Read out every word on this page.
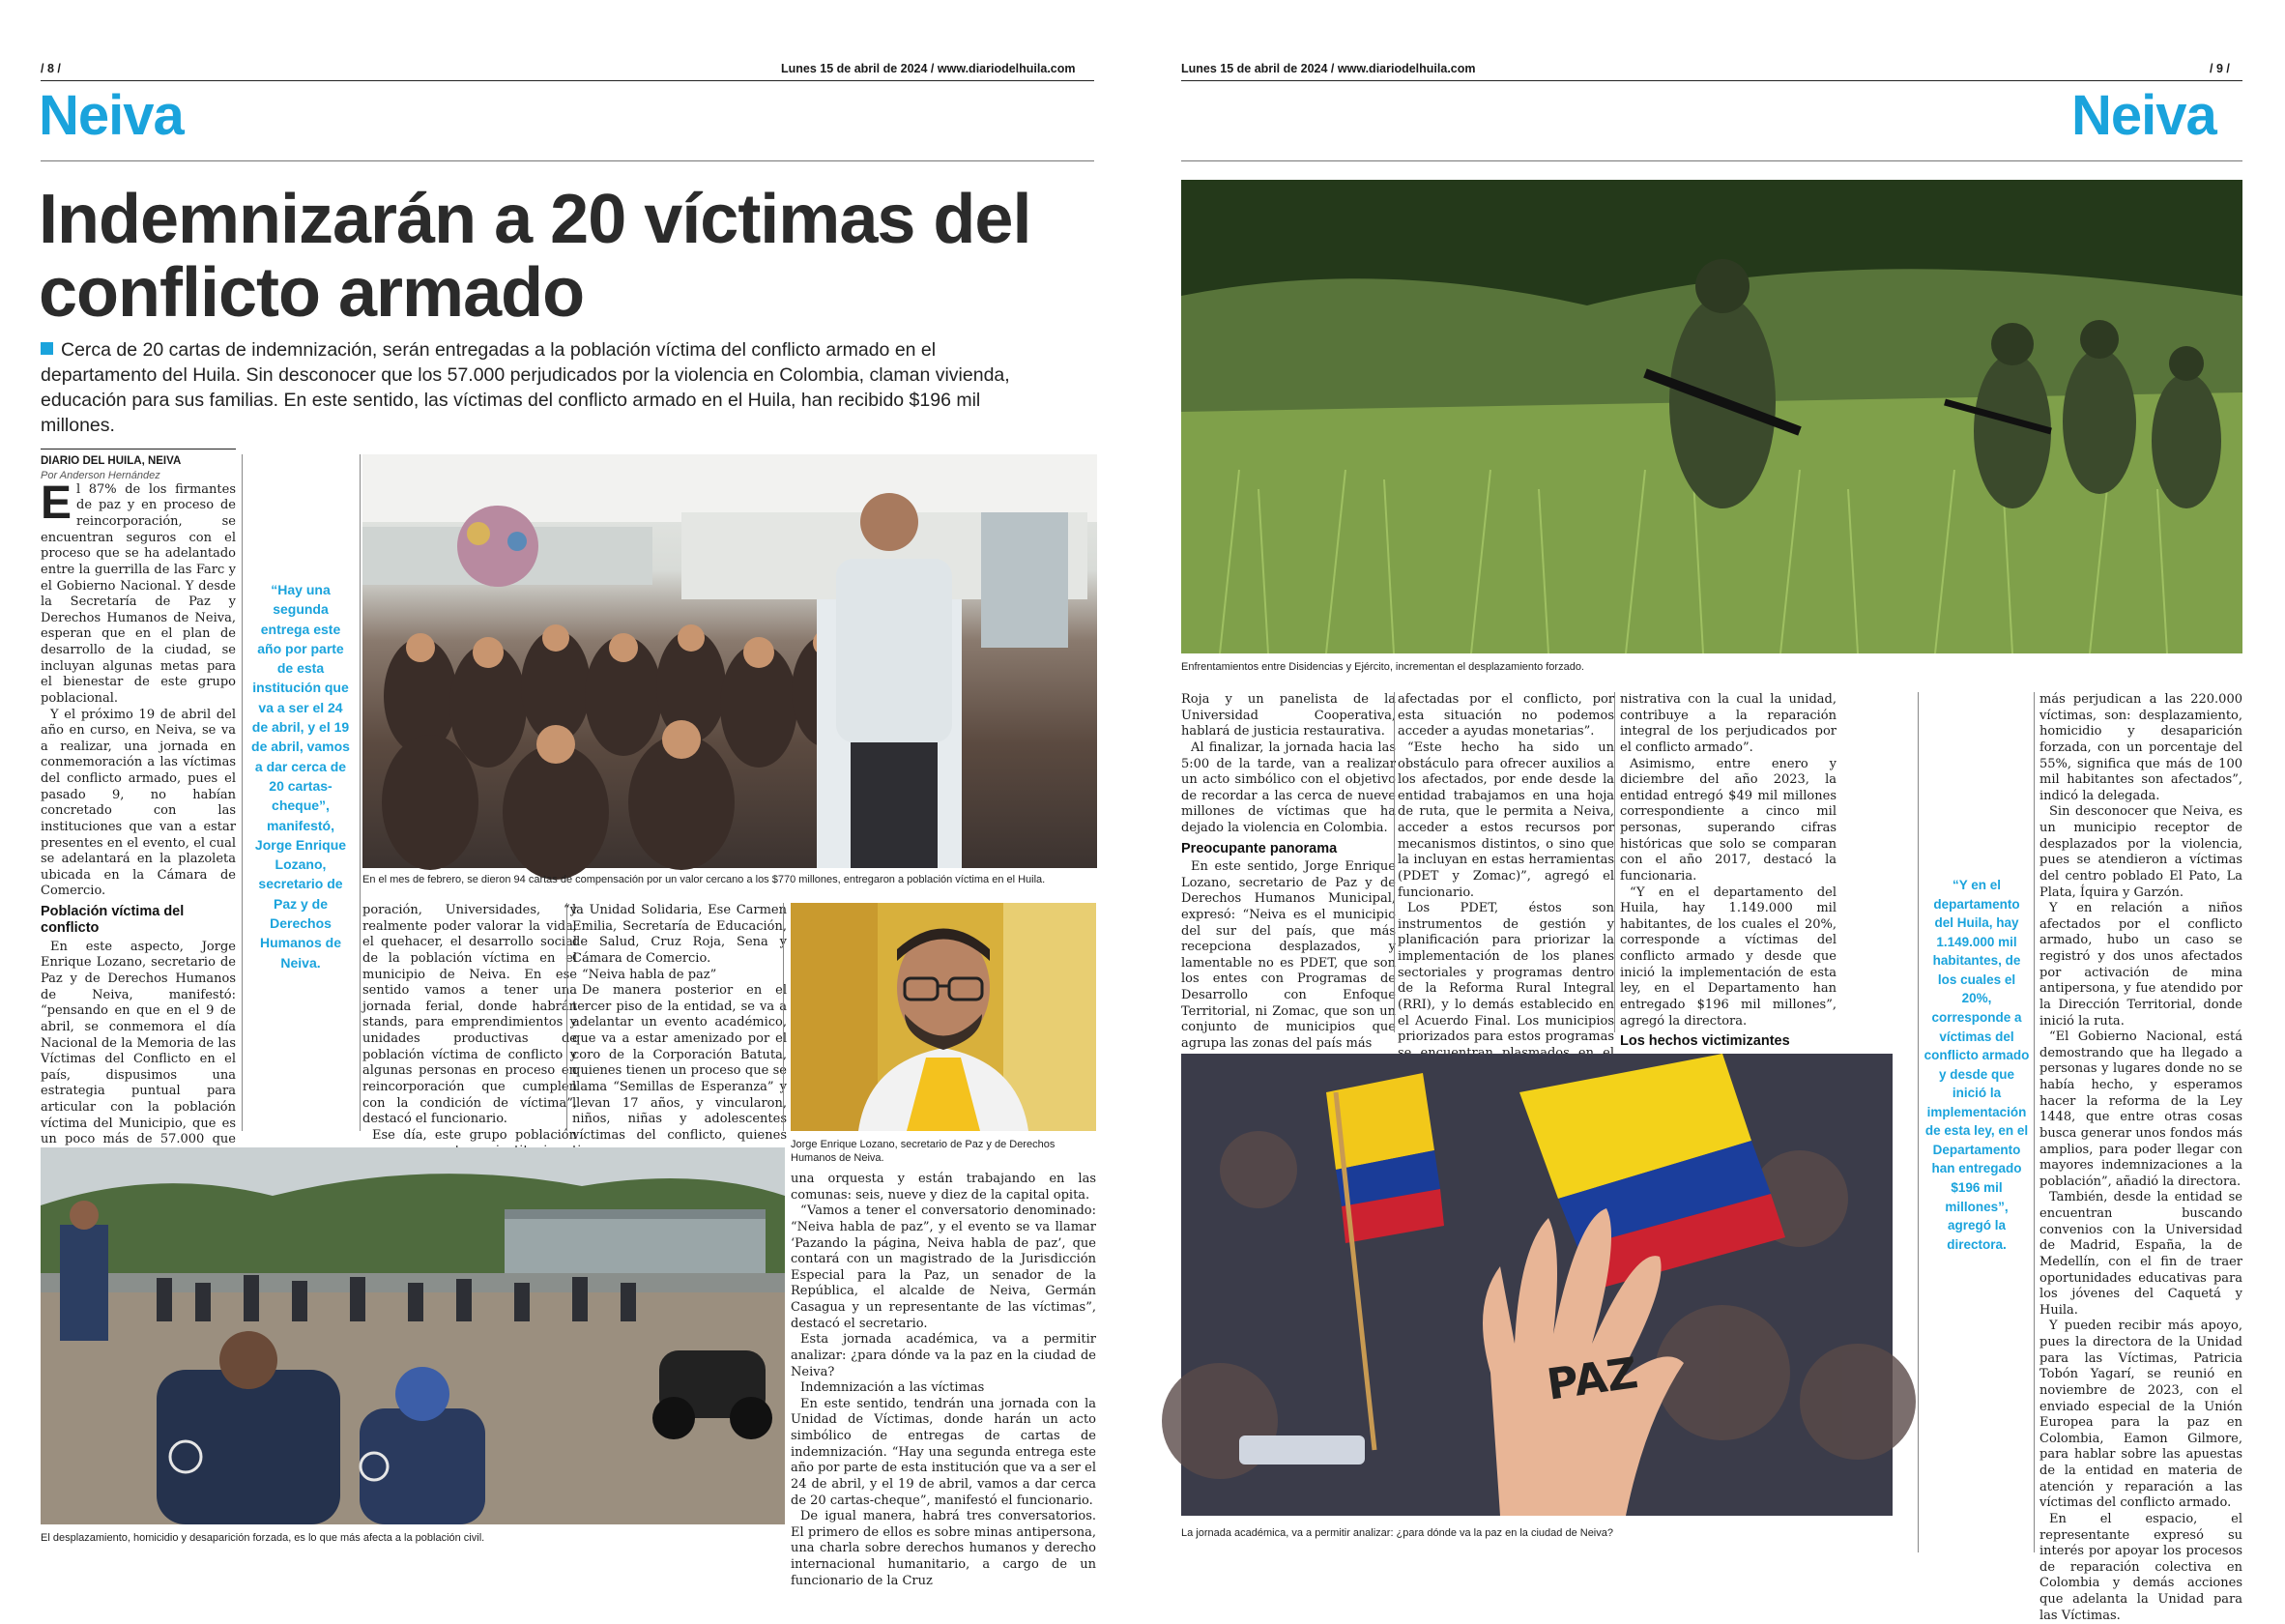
/ 8 /	Lunes 15 de abril de 2024 / www.diariodelhuila.com
Neiva
Indemnizarán a 20 víctimas del conflicto armado
Cerca de 20 cartas de indemnización, serán entregadas a la población víctima del conflicto armado en el departamento del Huila. Sin desconocer que los 57.000 perjudicados por la violencia en Colombia, claman vivienda, educación para sus familias. En este sentido, las víctimas del conflicto armado en el Huila, han recibido $196 mil millones.
DIARIO DEL HUILA, NEIVA
Por Anderson Hernández

El 87% de los firmantes de paz y en proceso de reincorporación, se encuentran seguros con el proceso que se ha adelantado entre la guerrilla de las Farc y el Gobierno Nacional. Y desde la Secretaría de Paz y Derechos Humanos de Neiva, esperan que en el plan de desarrollo de la ciudad, se incluyan algunas metas para el bienestar de este grupo poblacional.

Y el próximo 19 de abril del año en curso, en Neiva, se va a realizar, una jornada en conmemoración a las víctimas del conflicto armado, pues el pasado 9, no habían concretado con las instituciones que van a estar presentes en el evento, el cual se adelantará en la plazoleta ubicada en la Cámara de Comercio.

Población víctima del conflicto

En este aspecto, Jorge Enrique Lozano, secretario de Paz y de Derechos Humanos de Neiva, manifestó: “pensando en que en el 9 de abril, se conmemora el día Nacional de la Memoria de las Víctimas del Conflicto en el país, dispusimos una estrategia puntual para articular con la población víctima del Municipio, que es un poco más de 57.000 que

“Hay una segunda entrega este año por parte de esta institución que va a ser el 24 de abril, y el 19 de abril, vamos a dar cerca de 20 cartas-cheque”, manifestó, Jorge Enrique Lozano, secretario de Paz y de Derechos Humanos de Neiva.
En el mes de febrero, se dieron 94 cartas de compensación por un valor cercano a los $770 millones, entregaron a población víctima en el Huila.

poración, Universidades, “y realmente poder valorar la vida, el quehacer, el desarrollo social de la población víctima en el municipio de Neiva. En ese sentido vamos a tener una jornada ferial, donde habrán stands, para emprendimientos y unidades productivas de población víctima de conflicto y algunas personas en proceso en reincorporación que cumplen con la condición de víctima”, destacó el funcionario.

Ese día, este grupo población

la Unidad Solidaria, Ese Carmen Emilia, Secretaría de Educación, de Salud, Cruz Roja, Sena y Cámara de Comercio.

“Neiva habla de paz”

De manera posterior en el tercer piso de la entidad, se va a adelantar un evento académico, que va a estar amenizado por el coro de la Corporación Batuta, quienes tienen un proceso que se llama “Semillas de Esperanza” y llevan 17 años, y vincularon, niños, niñas y adolescentes víctimas del conflicto, quienes

Jorge Enrique Lozano, secretario de Paz y de Derechos Humanos de Neiva.
El desplazamiento, homicidio y desaparición forzada, es lo que más afecta a la población civil.

una orquesta y están trabajando en las comunas: seis, nueve y diez de la capital opita.

“Vamos a tener el conversatorio denominado: “Neiva habla de paz”, y el evento se va llamar ‘Pazando la página, Neiva habla de paz’, que contará con un magistrado de la Jurisdicción Especial para la Paz, un senador de la República, el alcalde de Neiva, Germán Casagua y un representante de las víctimas”, destacó el secretario.

Esta jornada académica, va a permitir analizar: ¿para dónde va la paz en la ciudad de Neiva?

Indemnización a las víctimas

En este sentido, tendrán una jornada con la Unidad de Víctimas, donde harán un acto simbólico de entregas de cartas de indemnización. “Hay una segunda entrega este año por parte de esta institución que va a ser el 24 de abril, y el 19 de abril, vamos a dar cerca de 20 cartas-cheque”, manifestó el funcionario.

De igual manera, habrá tres conversatorios. El primero de ellos es sobre minas antipersona, una charla sobre derechos humanos y derecho internacional humanitario, a cargo de un funcionario de la Cruz

Lunes 15 de abril de 2024 / www.diariodelhuila.com	/ 9 /
Neiva
Enfrentamientos entre Disidencias y Ejército, incrementan el desplazamiento forzado.

Roja y un panelista de la Universidad Cooperativa, hablará de justicia restaurativa.

Al finalizar, la jornada hacia las 5:00 de la tarde, van a realizar un acto simbólico con el objetivo de recordar a las cerca de nueve millones de víctimas que ha dejado la violencia en Colombia.

Preocupante panorama

En este sentido, Jorge Enrique Lozano, secretario de Paz y de Derechos Humanos Municipal, expresó: “Neiva es el municipio del sur del país, que más recepciona desplazados, y lamentable no es PDET, que son los entes con Programas de Desarrollo con Enfoque Territorial, ni Zomac, que son un conjunto de municipios que agrupa las zonas del país más

afectadas por el conflicto, por esta situación no podemos acceder a ayudas monetarias”.

“Este hecho ha sido un obstáculo para ofrecer auxilios a los afectados, por ende desde la entidad trabajamos en una hoja de ruta, que le permita a Neiva, acceder a estos recursos por mecanismos distintos, o sino que la incluyan en estas herramientas (PDET y Zomac)”, agregó el funcionario.

Los PDET, éstos son instrumentos de gestión y planificación para priorizar la implementación de los planes sectoriales y programas dentro de la Reforma Rural Integral (RRI), y lo demás establecido en el Acuerdo Final. Los municipios priorizados para estos programas

nistrativa con la cual la unidad, contribuye a la reparación integral de los perjudicados por el conflicto armado”.

Asimismo, entre enero y diciembre del año 2023, la entidad entregó $49 mil millones correspondiente a cinco mil personas, superando cifras históricas que solo se comparan con el año 2017, destacó la funcionaria.

“Y en el departamento del Huila, hay 1.149.000 mil habitantes, de los cuales el 20%, corresponde a víctimas del conflicto armado y desde que inició la implementación de esta ley, en el Departamento han entregado $196 mil millones”, agregó la directora.

Los hechos victimizantes

“Y en el departamento del Huila, hay 1.149.000 mil habitantes, de los cuales el 20%, corresponde a víctimas del conflicto armado y desde que inició la implementación de esta ley, en el Departamento han entregado $196 mil millones”, agregó la directora.
PAZ
La jornada académica, va a permitir analizar: ¿para dónde va la paz en la ciudad de Neiva?

más perjudican a las 220.000 víctimas, son: desplazamiento, homicidio y desaparición forzada, con un porcentaje del 55%, significa que más de 100 mil habitantes son afectados”, indicó la delegada.

Sin desconocer que Neiva, es un municipio receptor de desplazados por la violencia, pues se atendieron a víctimas del centro poblado El Pato, La Plata, Íquira y Garzón.

Y en relación a niños afectados por el conflicto armado, hubo un caso se registró y dos unos afectados por activación de mina antipersona, y fue atendido por la Dirección Territorial, donde inició la ruta.

“El Gobierno Nacional, está demostrando que ha llegado a personas y lugares donde no se había hecho, y esperamos hacer la reforma de la Ley 1448, que entre otras cosas busca generar unos fondos más amplios, para poder llegar con mayores indemnizaciones a la población”, añadió la directora.

También, desde la entidad se encuentran buscando convenios con la Universidad de Madrid, España, la de Medellín, con el fin de traer oportunidades educativas para los jóvenes del Caquetá y Huila.

Y pueden recibir más apoyo, pues la directora de la Unidad para las Víctimas, Patricia Tobón Yagarí, se reunió en noviembre de 2023, con el enviado especial de la Unión Europea para la paz en Colombia, Eamon Gilmore, para hablar sobre las apuestas de la entidad en materia de atención y reparación a las víctimas del conflicto armado.

En el espacio, el representante expresó su interés por apoyar los procesos de reparación colectiva en Colombia y demás acciones que adelanta la Unidad para las Víctimas.
